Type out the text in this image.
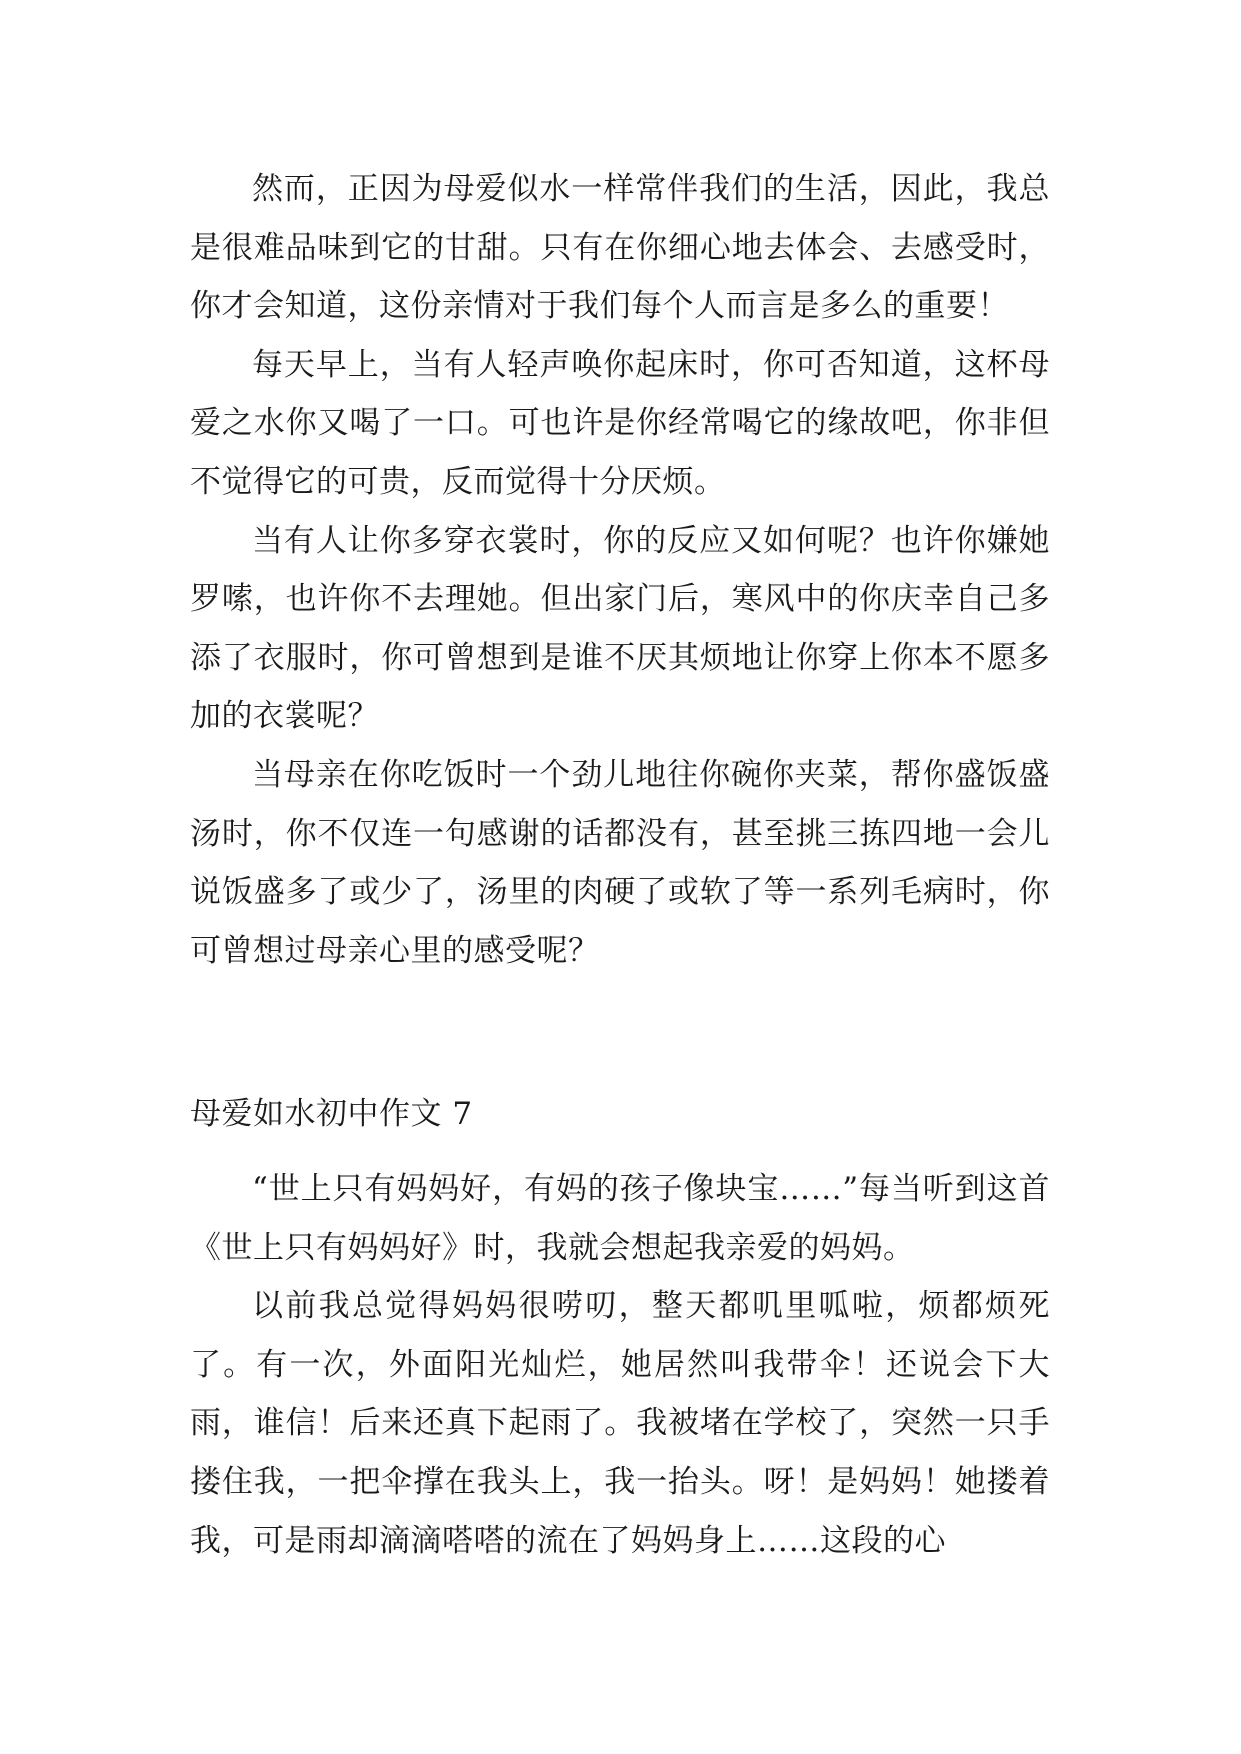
然而，正因为母爱似水一样常伴我们的生活，因此，我总是很难品味到它的甘甜。只有在你细心地去体会、去感受时，你才会知道，这份亲情对于我们每个人而言是多么的重要！

每天早上，当有人轻声唤你起床时，你可否知道，这杯母爱之水你又喝了一口。可也许是你经常喝它的缘故吧，你非但不觉得它的可贵，反而觉得十分厌烦。

当有人让你多穿衣裳时，你的反应又如何呢？也许你嫌她罗嗦，也许你不去理她。但出家门后，寒风中的你庆幸自己多添了衣服时，你可曾想到是谁不厌其烦地让你穿上你本不愿多加的衣裳呢？

当母亲在你吃饭时一个劲儿地往你碗你夹菜，帮你盛饭盛汤时，你不仅连一句感谢的话都没有，甚至挑三拣四地一会儿说饭盛多了或少了，汤里的肉硬了或软了等一系列毛病时，你可曾想过母亲心里的感受呢？

母爱如水初中作文 7

“世上只有妈妈好，有妈的孩子像块宝……”每当听到这首《世上只有妈妈好》时，我就会想起我亲爱的妈妈。

以前我总觉得妈妈很唠叨，整天都叽里呱啦，烦都烦死了。有一次，外面阳光灿烂，她居然叫我带伞！还说会下大雨，谁信！后来还真下起雨了。我被堵在学校了，突然一只手搂住我，一把伞撑在我头上，我一抬头。呀！是妈妈！她搂着我，可是雨却滴滴嗒嗒的流在了妈妈身上……这段的心
